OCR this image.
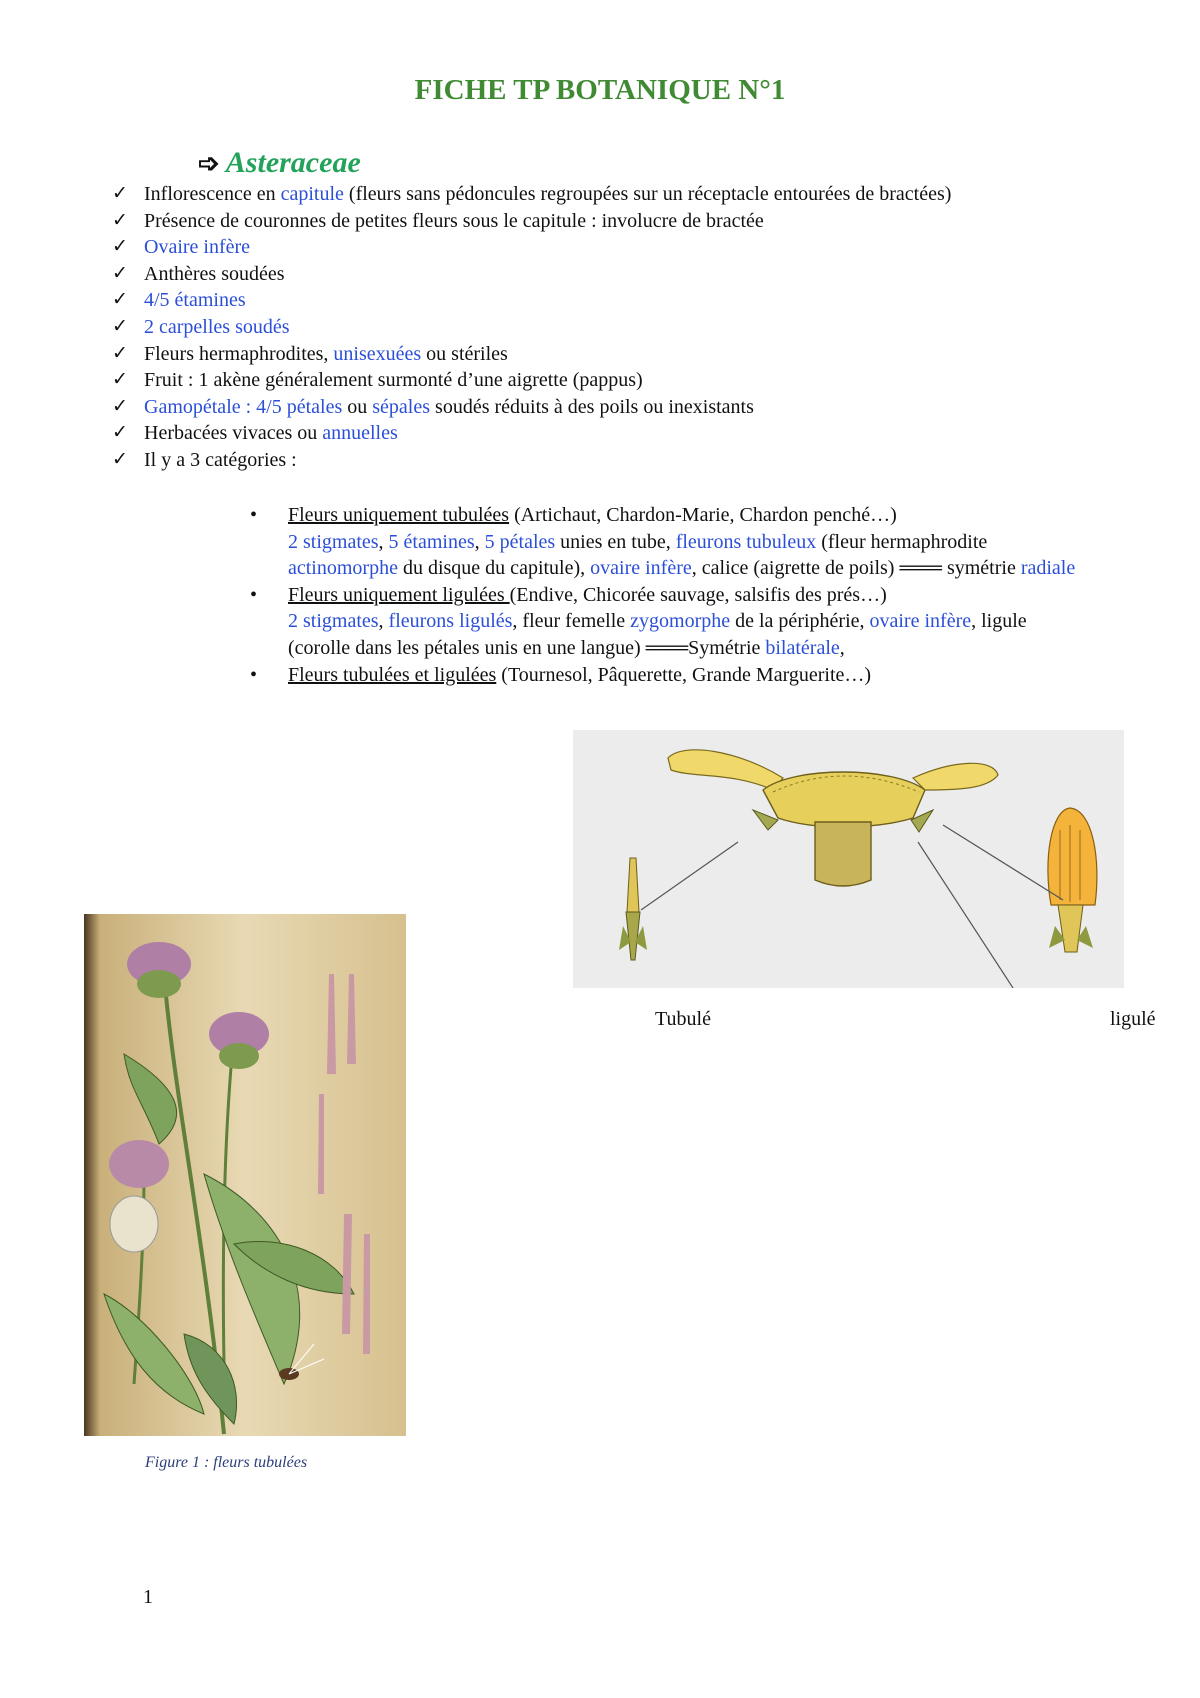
FICHE TP BOTANIQUE N°1
➩ Asteraceae
✓ Inflorescence en capitule (fleurs sans pédoncules regroupées sur un réceptacle entourées de bractées)
✓ Présence de couronnes de petites fleurs sous le capitule : involucre de bractée
✓ Ovaire infère
✓ Anthères soudées
✓ 4/5 étamines
✓ 2 carpelles soudés
✓ Fleurs hermaphrodites, unisexuées ou stériles
✓ Fruit : 1 akène généralement surmonté d’une aigrette (pappus)
✓ Gamopétale : 4/5 pétales ou sépales soudés réduits à des poils ou inexistants
✓ Herbacées vivaces ou annuelles
✓ Il y a 3 catégories :
• Fleurs uniquement tubulées (Artichaut, Chardon-Marie, Chardon penché…)
2 stigmates, 5 étamines, 5 pétales unies en tube, fleurons tubuleux (fleur hermaphrodite actinomorphe du disque du capitule), ovaire infère, calice (aigrette de poils) ═══ symétrie radiale
• Fleurs uniquement ligulées (Endive, Chicorée sauvage, salsifis des prés…)
2 stigmates, fleurons ligulés, fleur femelle zygomorphe de la périphérie, ovaire infère, ligule (corolle dans les pétales unis en une langue) ═══Symétrie bilatérale,
• Fleurs tubulées et ligulées (Tournesol, Pâquerette, Grande Marguerite…)
Tubulé	ligulé
Figure 1 : fleurs tubulées
1
